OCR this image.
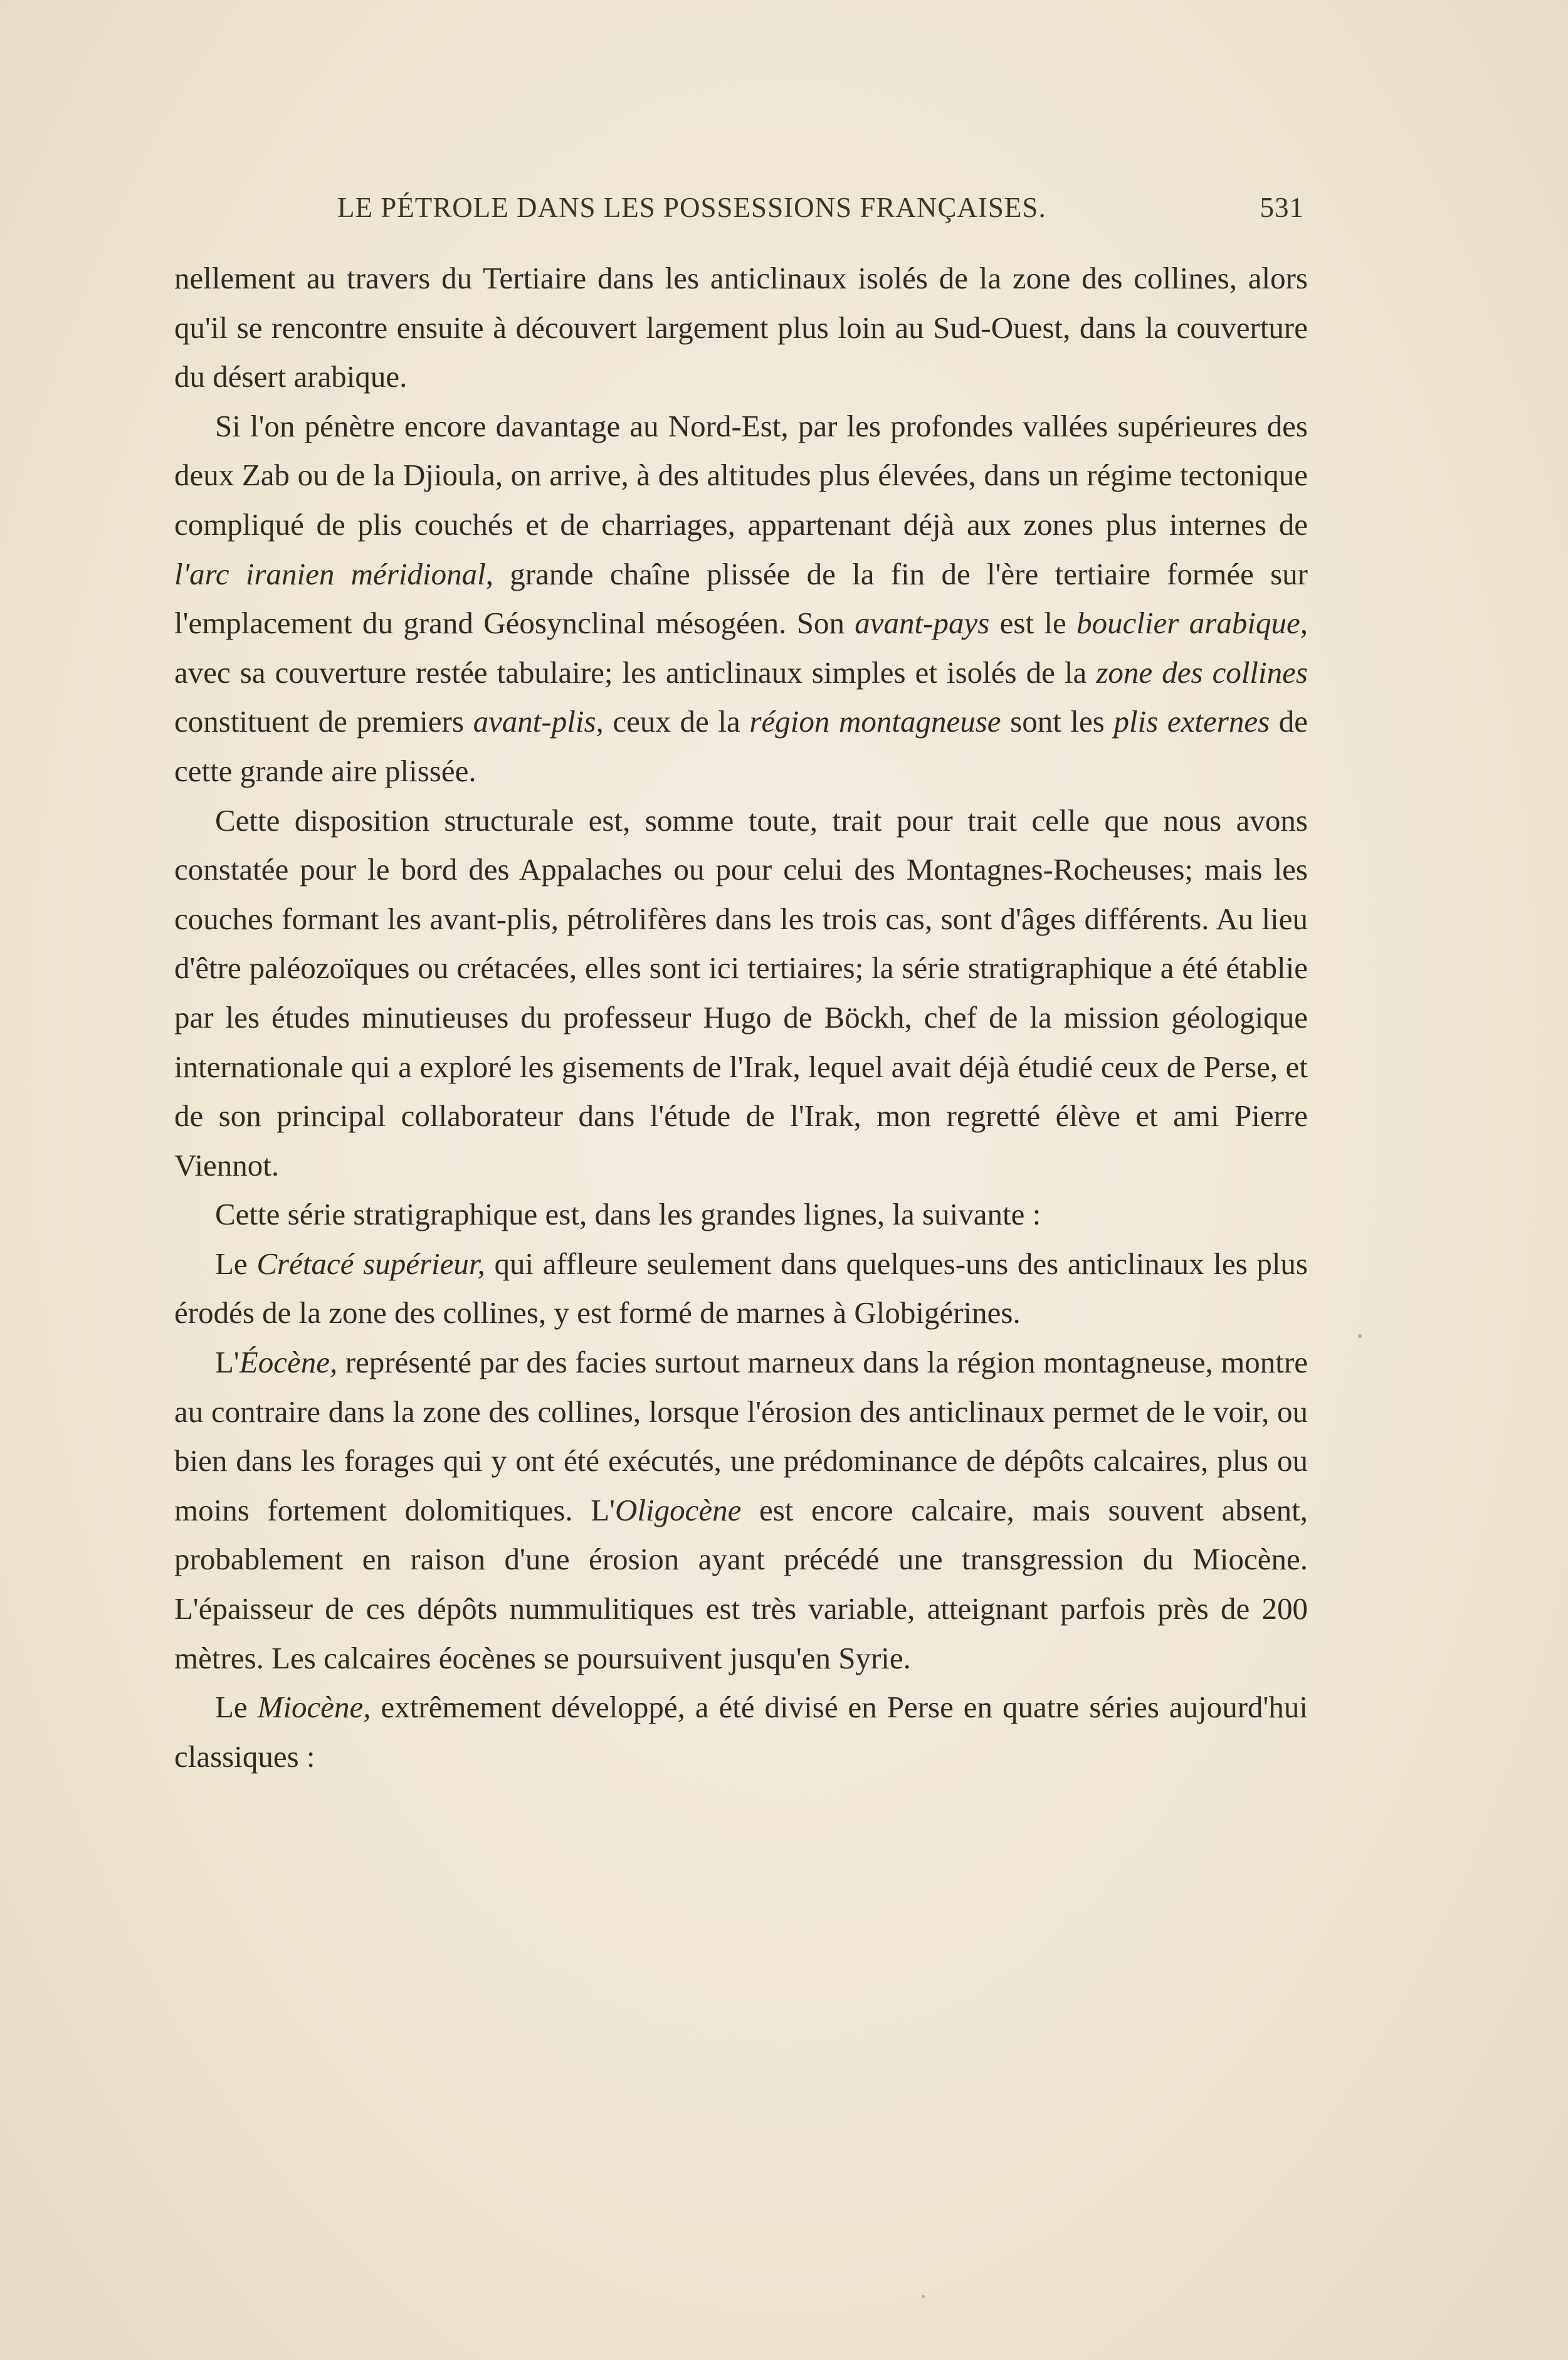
LE PÉTROLE DANS LES POSSESSIONS FRANÇAISES.	531

nellement au travers du Tertiaire dans les anticlinaux isolés de la zone des collines, alors qu'il se rencontre ensuite à découvert largement plus loin au Sud-Ouest, dans la couverture du désert arabique.

Si l'on pénètre encore davantage au Nord-Est, par les profondes vallées supérieures des deux Zab ou de la Djioula, on arrive, à des altitudes plus élevées, dans un régime tectonique compliqué de plis couchés et de charriages, appartenant déjà aux zones plus internes de l'arc iranien méridional, grande chaîne plissée de la fin de l'ère tertiaire formée sur l'emplacement du grand Géosynclinal mésogéen. Son avant-pays est le bouclier arabique, avec sa couverture restée tabulaire; les anticlinaux simples et isolés de la zone des collines constituent de premiers avant-plis, ceux de la région montagneuse sont les plis externes de cette grande aire plissée.

Cette disposition structurale est, somme toute, trait pour trait celle que nous avons constatée pour le bord des Appalaches ou pour celui des Montagnes-Rocheuses; mais les couches formant les avant-plis, pétrolifères dans les trois cas, sont d'âges différents. Au lieu d'être paléozoïques ou crétacées, elles sont ici tertiaires; la série stratigraphique a été établie par les études minutieuses du professeur Hugo de Böckh, chef de la mission géologique internationale qui a exploré les gisements de l'Irak, lequel avait déjà étudié ceux de Perse, et de son principal collaborateur dans l'étude de l'Irak, mon regretté élève et ami Pierre Viennot.

Cette série stratigraphique est, dans les grandes lignes, la suivante :

Le Crétacé supérieur, qui affleure seulement dans quelques-uns des anticlinaux les plus érodés de la zone des collines, y est formé de marnes à Globigérines.

L'Éocène, représenté par des facies surtout marneux dans la région montagneuse, montre au contraire dans la zone des collines, lorsque l'érosion des anticlinaux permet de le voir, ou bien dans les forages qui y ont été exécutés, une prédominance de dépôts calcaires, plus ou moins fortement dolomitiques. L'Oligocène est encore calcaire, mais souvent absent, probablement en raison d'une érosion ayant précédé une transgression du Miocène. L'épaisseur de ces dépôts nummulitiques est très variable, atteignant parfois près de 200 mètres. Les calcaires éocènes se poursuivent jusqu'en Syrie.

Le Miocène, extrêmement développé, a été divisé en Perse en quatre séries aujourd'hui classiques :
